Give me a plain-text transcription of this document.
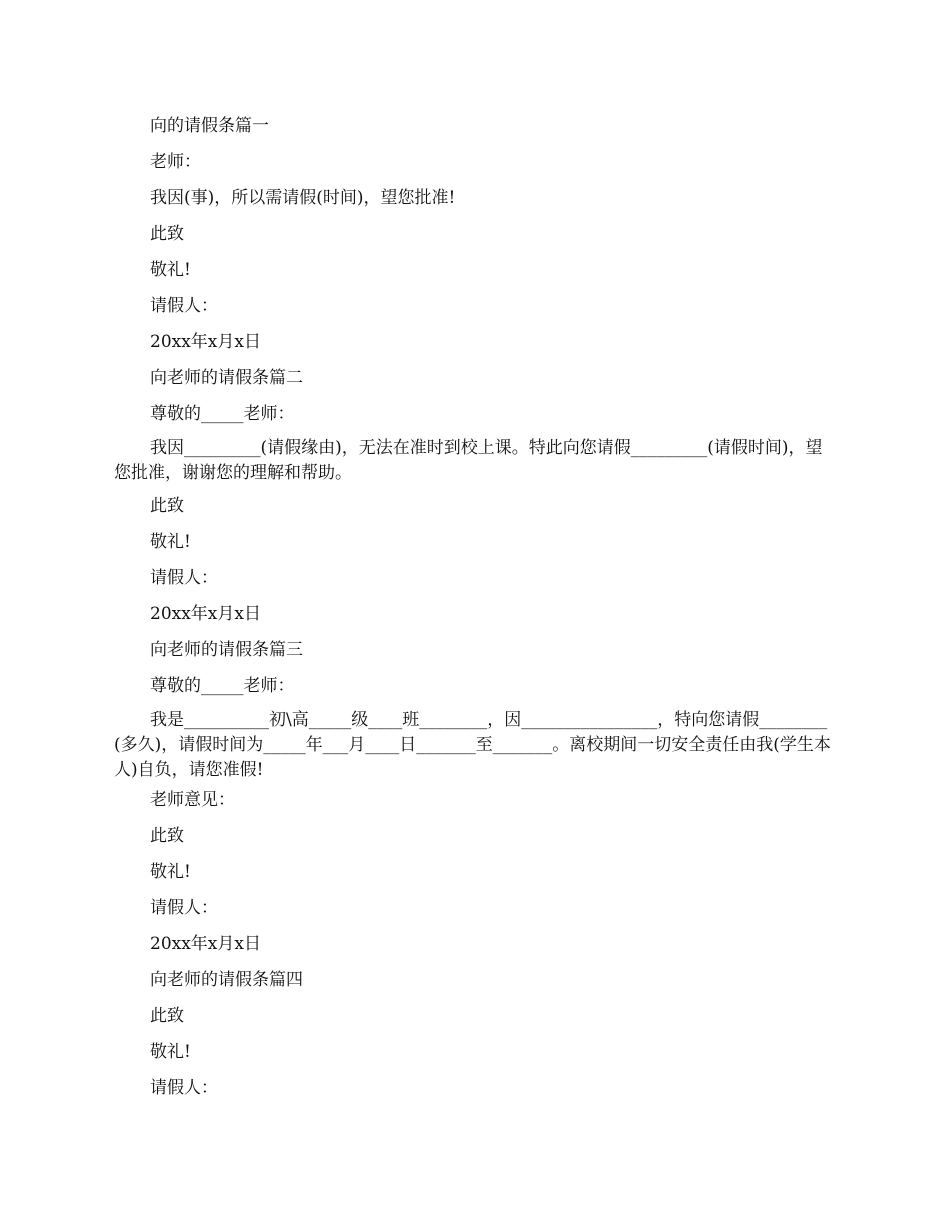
向的请假条篇一
老师：
我因(事)，所以需请假(时间)，望您批准!
此致
敬礼!
请假人：
20xx年x月x日
向老师的请假条篇二
尊敬的_____老师：
我因_________(请假缘由)，无法在准时到校上课。特此向您请假_________(请假时间)，望您批准，谢谢您的理解和帮助。
此致
敬礼!
请假人：
20xx年x月x日
向老师的请假条篇三
尊敬的_____老师：
我是__________初\高_____级____班________，因________________，特向您请假________(多久)，请假时间为_____年___月____日_______至_______。离校期间一切安全责任由我(学生本人)自负，请您准假!
老师意见：
此致
敬礼!
请假人：
20xx年x月x日
向老师的请假条篇四
此致
敬礼!
请假人：
